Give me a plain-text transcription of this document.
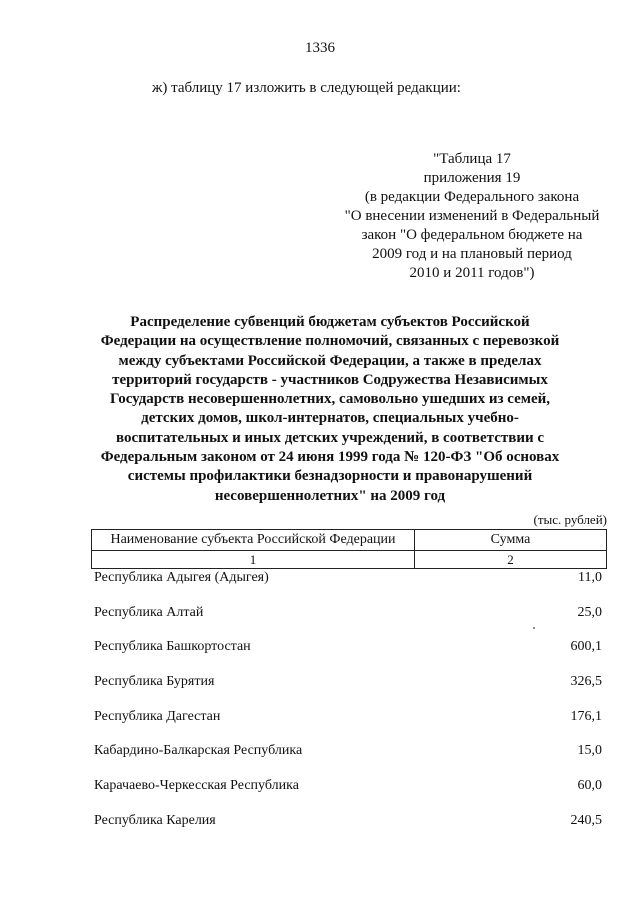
1336
ж) таблицу 17 изложить в следующей редакции:
"Таблица 17
приложения 19
(в редакции Федерального закона
"О внесении изменений в Федеральный
закон "О федеральном бюджете на
2009 год и на плановый период
2010 и 2011 годов")
Распределение субвенций бюджетам субъектов Российской
Федерации на осуществление полномочий, связанных с перевозкой
между субъектами Российской Федерации, а также в пределах
территорий государств - участников Содружества Независимых
Государств несовершеннолетних, самовольно ушедших из семей,
детских домов, школ-интернатов, специальных учебно-
воспитательных и иных детских учреждений, в соответствии с
Федеральным законом от 24 июня 1999 года № 120-ФЗ "Об основах
системы профилактики безнадзорности и правонарушений
несовершеннолетних" на 2009 год
(тыс. рублей)
Наименование субъекта Российской Федерации	Сумма
1	2
Республика Адыгея (Адыгея)	11,0
Республика Алтай	25,0
Республика Башкортостан	600,1
Республика Бурятия	326,5
Республика Дагестан	176,1
Кабардино-Балкарская Республика	15,0
Карачаево-Черкесская Республика	60,0
Республика Карелия	240,5
